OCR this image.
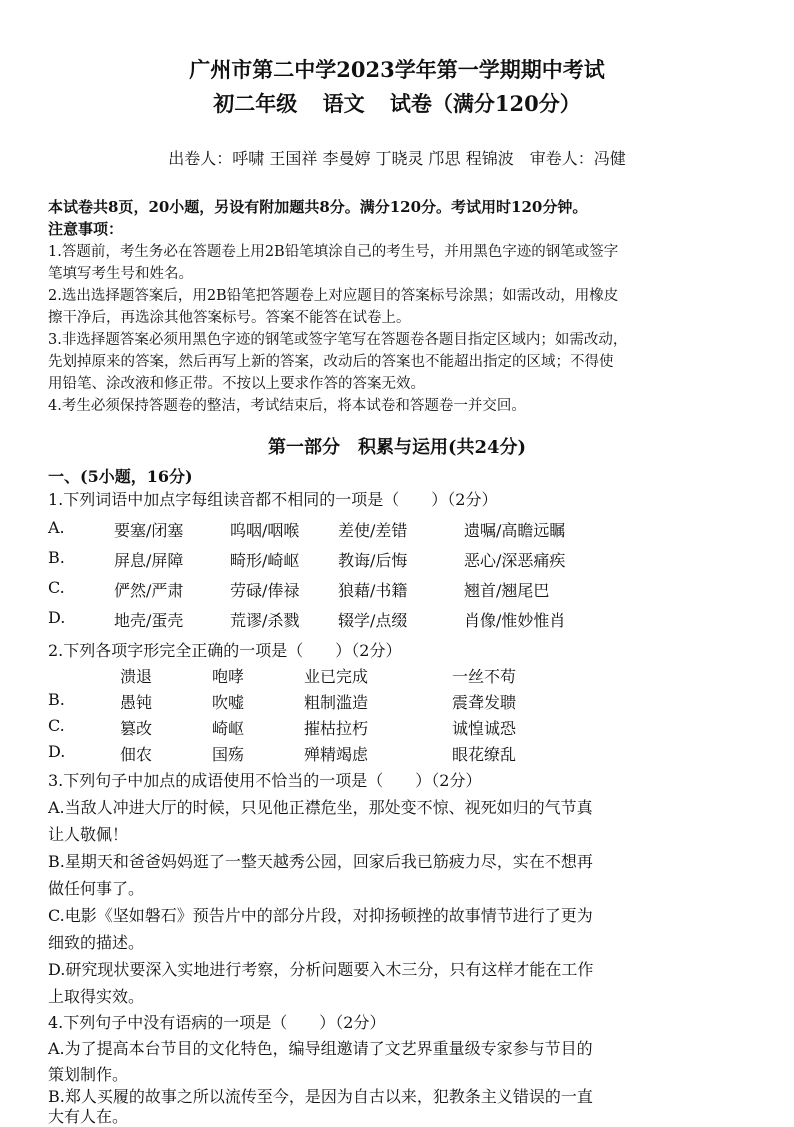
广州市第二中学2023学年第一学期期中考试
初二年级 语文 试卷（满分120分）
出卷人：呼啸 王国祥 李曼婷 丁晓灵 邝思 程锦波　审卷人：冯健
本试卷共8页，20小题，另设有附加题共8分。满分120分。考试用时120分钟。
注意事项：
1.答题前，考生务必在答题卷上用2B铅笔填涂自己的考生号，并用黑色字迹的钢笔或签字
笔填写考生号和姓名。
2.选出选择题答案后，用2B铅笔把答题卷上对应题目的答案标号涂黑；如需改动，用橡皮
擦干净后，再选涂其他答案标号。答案不能答在试卷上。
3.非选择题答案必须用黑色字迹的钢笔或签字笔写在答题卷各题目指定区域内；如需改动，
先划掉原来的答案，然后再写上新的答案，改动后的答案也不能超出指定的区域；不得使
用铅笔、涂改液和修正带。不按以上要求作答的答案无效。
4.考生必须保持答题卷的整洁，考试结束后，将本试卷和答题卷一并交回。
第一部分　积累与运用(共24分)
一、(5小题，16分)
1.下列词语中加点字每组读音都不相同的一项是（　　）（2分）
A.	要塞/闭塞	呜咽/咽喉	差使/差错	遗嘱/高瞻远瞩
B.	屏息/屏障	畸形/崎岖	教诲/后悔	恶心/深恶痛疾
C.	俨然/严肃	劳碌/俸禄	狼藉/书籍	翘首/翘尾巴
D.	地壳/蛋壳	荒谬/杀戮	辍学/点缀	肖像/惟妙惟肖
2.下列各项字形完全正确的一项是（　　）（2分）
溃退	咆哮	业已完成	一丝不苟
B.	愚钝	吹嘘	粗制滥造	震聋发聩
C.	篡改	崎岖	摧枯拉朽	诚惶诚恐
D.	佃农	国殇	殚精竭虑	眼花缭乱
3.下列句子中加点的成语使用不恰当的一项是（　　）（2分）
A.当敌人冲进大厅的时候，只见他正襟危坐，那处变不惊、视死如归的气节真
让人敬佩！
B.星期天和爸爸妈妈逛了一整天越秀公园，回家后我已筋疲力尽，实在不想再
做任何事了。
C.电影《坚如磐石》预告片中的部分片段，对抑扬顿挫的故事情节进行了更为
细致的描述。
D.研究现状要深入实地进行考察，分析问题要入木三分，只有这样才能在工作
上取得实效。
4.下列句子中没有语病的一项是（　　）（2分）
A.为了提高本台节目的文化特色，编导组邀请了文艺界重量级专家参与节目的
策划制作。
B.郑人买履的故事之所以流传至今，是因为自古以来，犯教条主义错误的一直
大有人在。
